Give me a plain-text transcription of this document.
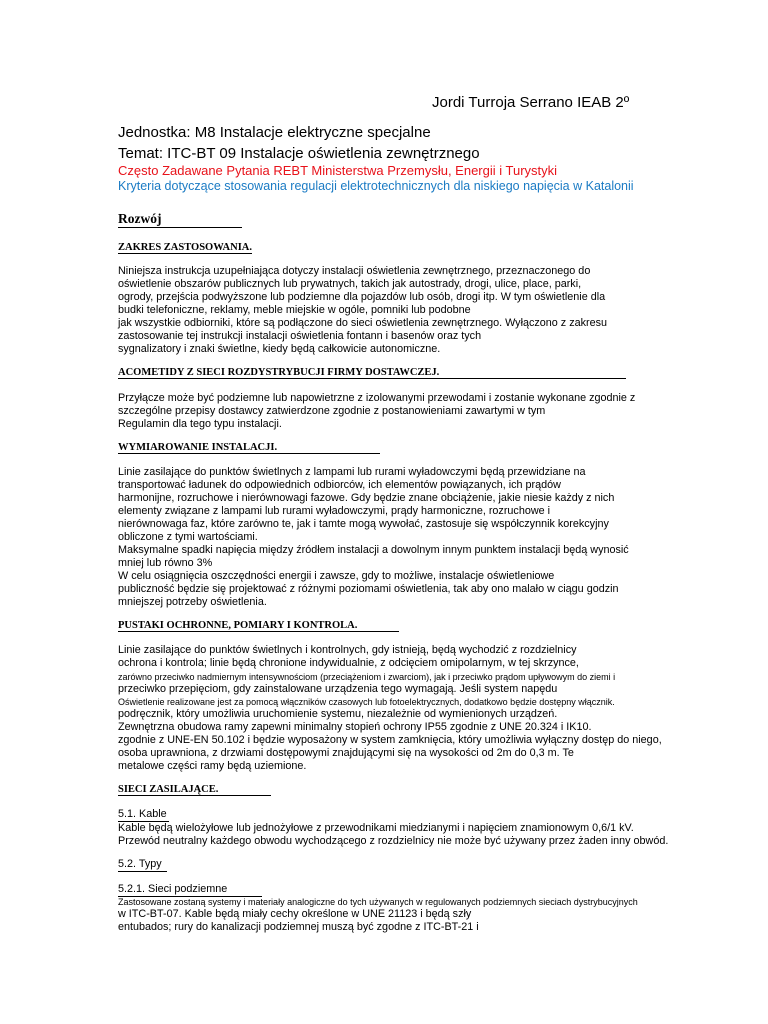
Jordi Turroja Serrano IEAB 2º

Jednostka: M8 Instalacje elektryczne specjalne

Temat: ITC-BT 09 Instalacje oświetlenia zewnętrznego

Często Zadawane Pytania REBT Ministerstwa Przemysłu, Energii i Turystyki

Kryteria dotyczące stosowania regulacji elektrotechnicznych dla niskiego napięcia w Katalonii

Rozwój

ZAKRES ZASTOSOWANIA.

Niniejsza instrukcja uzupełniająca dotyczy instalacji oświetlenia zewnętrznego, przeznaczonego do

oświetlenie obszarów publicznych lub prywatnych, takich jak autostrady, drogi, ulice, place, parki,

ogrody, przejścia podwyższone lub podziemne dla pojazdów lub osób, drogi itp. W tym oświetlenie dla

budki telefoniczne, reklamy, meble miejskie w ogóle, pomniki lub podobne

jak wszystkie odbiorniki, które są podłączone do sieci oświetlenia zewnętrznego. Wyłączono z zakresu

zastosowanie tej instrukcji instalacji oświetlenia fontann i basenów oraz tych

sygnalizatory i znaki świetlne, kiedy będą całkowicie autonomiczne.

ACOMETIDY Z SIECI ROZDYSTRYBUCJI FIRMY DOSTAWCZEJ.

Przyłącze może być podziemne lub napowietrzne z izolowanymi przewodami i zostanie wykonane zgodnie z

szczególne przepisy dostawcy zatwierdzone zgodnie z postanowieniami zawartymi w tym

Regulamin dla tego typu instalacji.

WYMIAROWANIE INSTALACJI.

Linie zasilające do punktów świetlnych z lampami lub rurami wyładowczymi będą przewidziane na

transportować ładunek do odpowiednich odbiorców, ich elementów powiązanych, ich prądów

harmonijne, rozruchowe i nierównowagi fazowe. Gdy będzie znane obciążenie, jakie niesie każdy z nich

elementy związane z lampami lub rurami wyładowczymi, prądy harmoniczne, rozruchowe i

nierównowaga faz, które zarówno te, jak i tamte mogą wywołać, zastosuje się współczynnik korekcyjny

obliczone z tymi wartościami.

Maksymalne spadki napięcia między źródłem instalacji a dowolnym innym punktem instalacji będą wynosić

mniej lub równo 3%

W celu osiągnięcia oszczędności energii i zawsze, gdy to możliwe, instalacje oświetleniowe

publiczność będzie się projektować z różnymi poziomami oświetlenia, tak aby ono malało w ciągu godzin

mniejszej potrzeby oświetlenia.

PUSTAKI OCHRONNE, POMIARY I KONTROLA.

Linie zasilające do punktów świetlnych i kontrolnych, gdy istnieją, będą wychodzić z rozdzielnicy

ochrona i kontrola; linie będą chronione indywidualnie, z odcięciem omipolarnym, w tej skrzynce,

zarówno przeciwko nadmiernym intensywnościom (przeciążeniom i zwarciom), jak i przeciwko prądom upływowym do ziemi i

przeciwko przepięciom, gdy zainstalowane urządzenia tego wymagają. Jeśli system napędu

Oświetlenie realizowane jest za pomocą włączników czasowych lub fotoelektrycznych, dodatkowo będzie dostępny włącznik.

podręcznik, który umożliwia uruchomienie systemu, niezależnie od wymienionych urządzeń.

Zewnętrzna obudowa ramy zapewni minimalny stopień ochrony IP55 zgodnie z UNE 20.324 i IK10.

zgodnie z UNE-EN 50.102 i będzie wyposażony w system zamknięcia, który umożliwia wyłączny dostęp do niego,

osoba uprawniona, z drzwiami dostępowymi znajdującymi się na wysokości od 2m do 0,3 m. Te

metalowe części ramy będą uziemione.

SIECI ZASILAJĄCE.

5.1. Kable

Kable będą wielożyłowe lub jednożyłowe z przewodnikami miedzianymi i napięciem znamionowym 0,6/1 kV.

Przewód neutralny każdego obwodu wychodzącego z rozdzielnicy nie może być używany przez żaden inny obwód.

5.2. Typy

5.2.1. Sieci podziemne

Zastosowane zostaną systemy i materiały analogiczne do tych używanych w regulowanych podziemnych sieciach dystrybucyjnych

w ITC-BT-07. Kable będą miały cechy określone w UNE 21123 i będą szły

entubados; rury do kanalizacji podziemnej muszą być zgodne z ITC-BT-21 i
